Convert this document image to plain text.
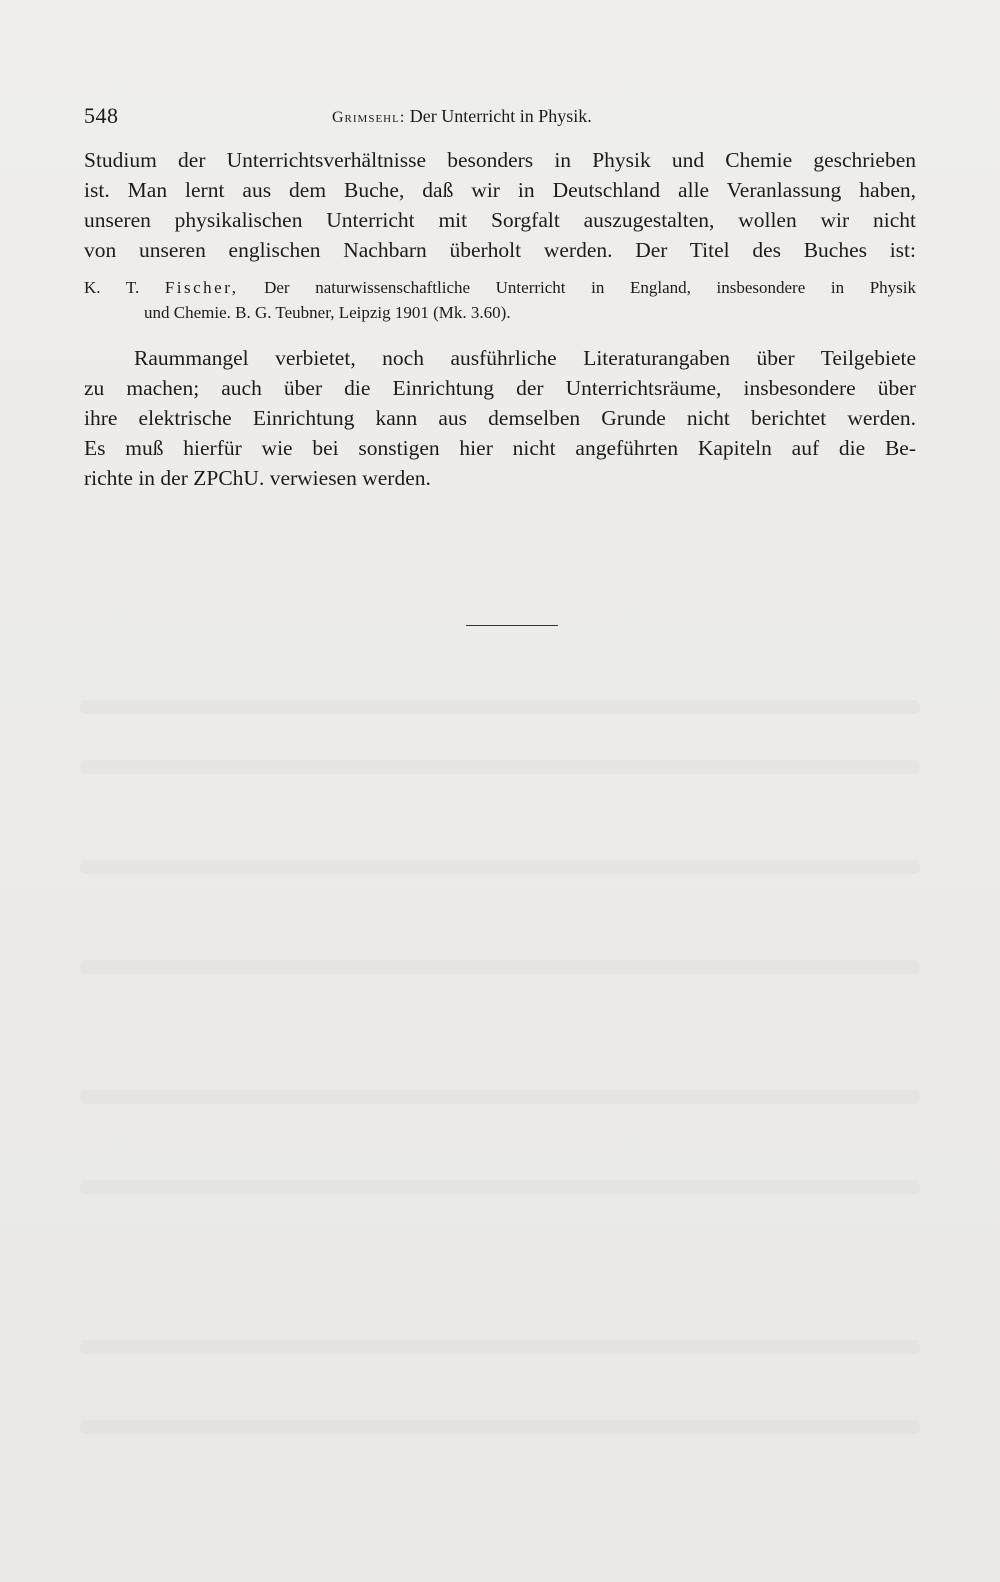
548	Grimsehl: Der Unterricht in Physik.
Studium der Unterrichtsverhältnisse besonders in Physik und Chemie geschrieben
ist. Man lernt aus dem Buche, daß wir in Deutschland alle Veranlassung haben,
unseren physikalischen Unterricht mit Sorgfalt auszugestalten, wollen wir nicht
von unseren englischen Nachbarn überholt werden. Der Titel des Buches ist:
K. T. Fischer, Der naturwissenschaftliche Unterricht in England, insbesondere in Physik
und Chemie. B. G. Teubner, Leipzig 1901 (Mk. 3.60).
Raummangel verbietet, noch ausführliche Literaturangaben über Teilgebiete
zu machen; auch über die Einrichtung der Unterrichtsräume, insbesondere über
ihre elektrische Einrichtung kann aus demselben Grunde nicht berichtet werden.
Es muß hierfür wie bei sonstigen hier nicht angeführten Kapiteln auf die Be-
richte in der ZPChU. verwiesen werden.
